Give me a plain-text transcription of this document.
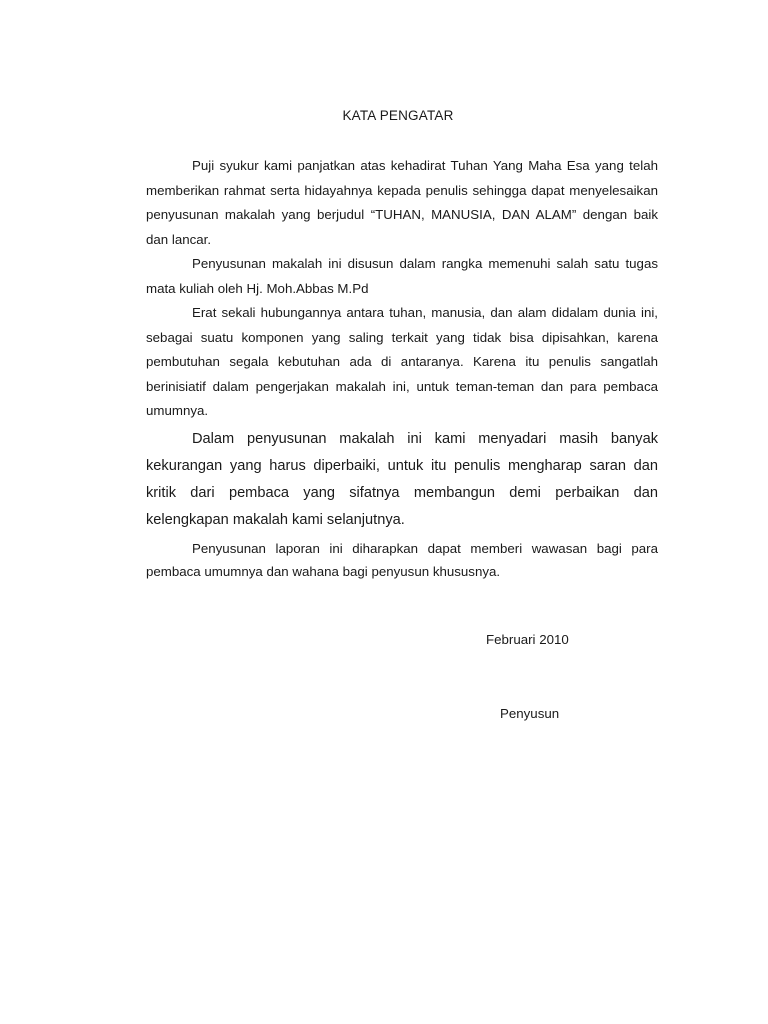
KATA PENGATAR

Puji syukur kami panjatkan atas kehadirat Tuhan Yang Maha Esa yang telah memberikan rahmat serta hidayahnya kepada penulis sehingga dapat menyelesaikan penyusunan makalah yang berjudul “TUHAN, MANUSIA, DAN ALAM” dengan baik dan lancar.

Penyusunan makalah ini disusun dalam rangka memenuhi salah satu tugas mata kuliah oleh Hj. Moh.Abbas M.Pd

Erat sekali hubungannya antara tuhan, manusia, dan alam didalam dunia ini, sebagai suatu komponen yang saling terkait yang tidak bisa dipisahkan, karena pembutuhan segala kebutuhan ada di antaranya. Karena itu penulis sangatlah berinisiatif dalam pengerjakan makalah ini, untuk teman-teman dan para pembaca umumnya.

Dalam penyusunan makalah ini kami menyadari masih banyak kekurangan yang harus diperbaiki, untuk itu penulis mengharap saran dan kritik dari pembaca yang sifatnya membangun demi perbaikan dan kelengkapan makalah kami selanjutnya.

Penyusunan laporan ini diharapkan dapat memberi wawasan bagi para pembaca umumnya dan wahana bagi penyusun khususnya.

Februari 2010
Penyusun
